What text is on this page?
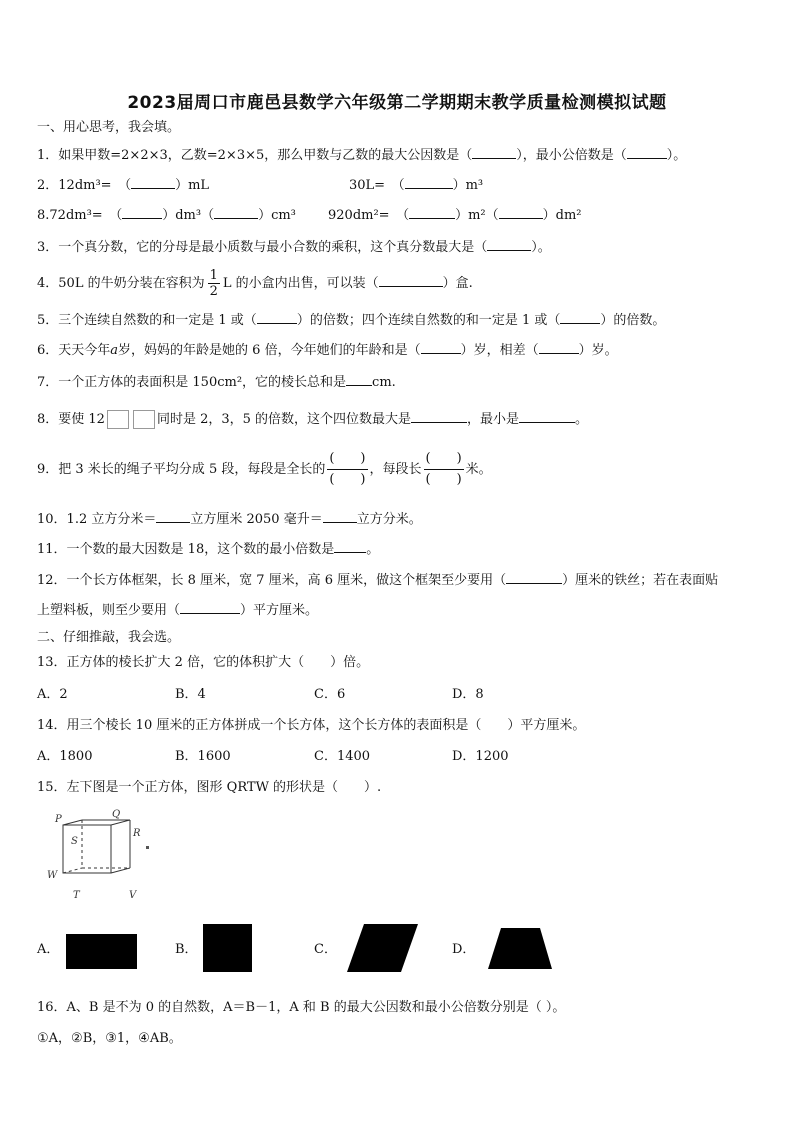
2023届周口市鹿邑县数学六年级第二学期期末教学质量检测模拟试题
一、用心思考，我会填。
1．如果甲数=2×2×3，乙数=2×3×5，那么甲数与乙数的最大公因数是（	），最小公倍数是（	）。
2．12dm³=　（	）mL	30L=　（	）m³
8.72dm³=　（	）dm³（	）cm³ 920dm²=　（	）m²（	）dm²
3．一个真分数，它的分母是最小质数与最小合数的乘积，这个真分数最大是（	）。
4．50L 的牛奶分装在容积为 $\frac{1}{2}$ L 的小盒内出售，可以装（	）盒.
5．三个连续自然数的和一定是 1 或（	）的倍数；四个连续自然数的和一定是 1 或（	）的倍数。
6．天天今年a岁，妈妈的年龄是她的 6 倍，今年她们的年龄和是（	）岁，相差（	）岁。
7．一个正方体的表面积是 150cm²，它的棱长总和是 cm.
8．要使 12	同时是 2，3，5 的倍数，这个四位数最大是	，最小是	。
9．把 3 米长的绳子平均分成 5 段，每段是全长的 $\frac{( )}{( )}$ ，每段长 $\frac{( )}{( )}$ 米。
10．1.2 立方分米＝	立方厘米 2050 毫升＝	立方分米。
11．一个数的最大因数是 18，这个数的最小倍数是 。
12．一个长方体框架，长 8 厘米，宽 7 厘米，高 6 厘米，做这个框架至少要用（	）厘米的铁丝；若在表面贴
上塑料板，则至少要用（	）平方厘米。
二、仔细推敲，我会选。
13．正方体的棱长扩大 2 倍，它的体积扩大（　　）倍。
A．2	B．4	C．6	D．8
14．用三个棱长 10 厘米的正方体拼成一个长方体，这个长方体的表面积是（　　）平方厘米。
A．1800	B．1600	C．1400	D．1200
15．左下图是一个正方体，图形 QRTW 的形状是（　　）.
P	Q
R
S
W
T	V
A．	B．	C．	D．
16．A、B 是不为 0 的自然数，A＝B－1，A 和 B 的最大公因数和最小公倍数分别是（ ）。
①A，②B，③1，④AB。
